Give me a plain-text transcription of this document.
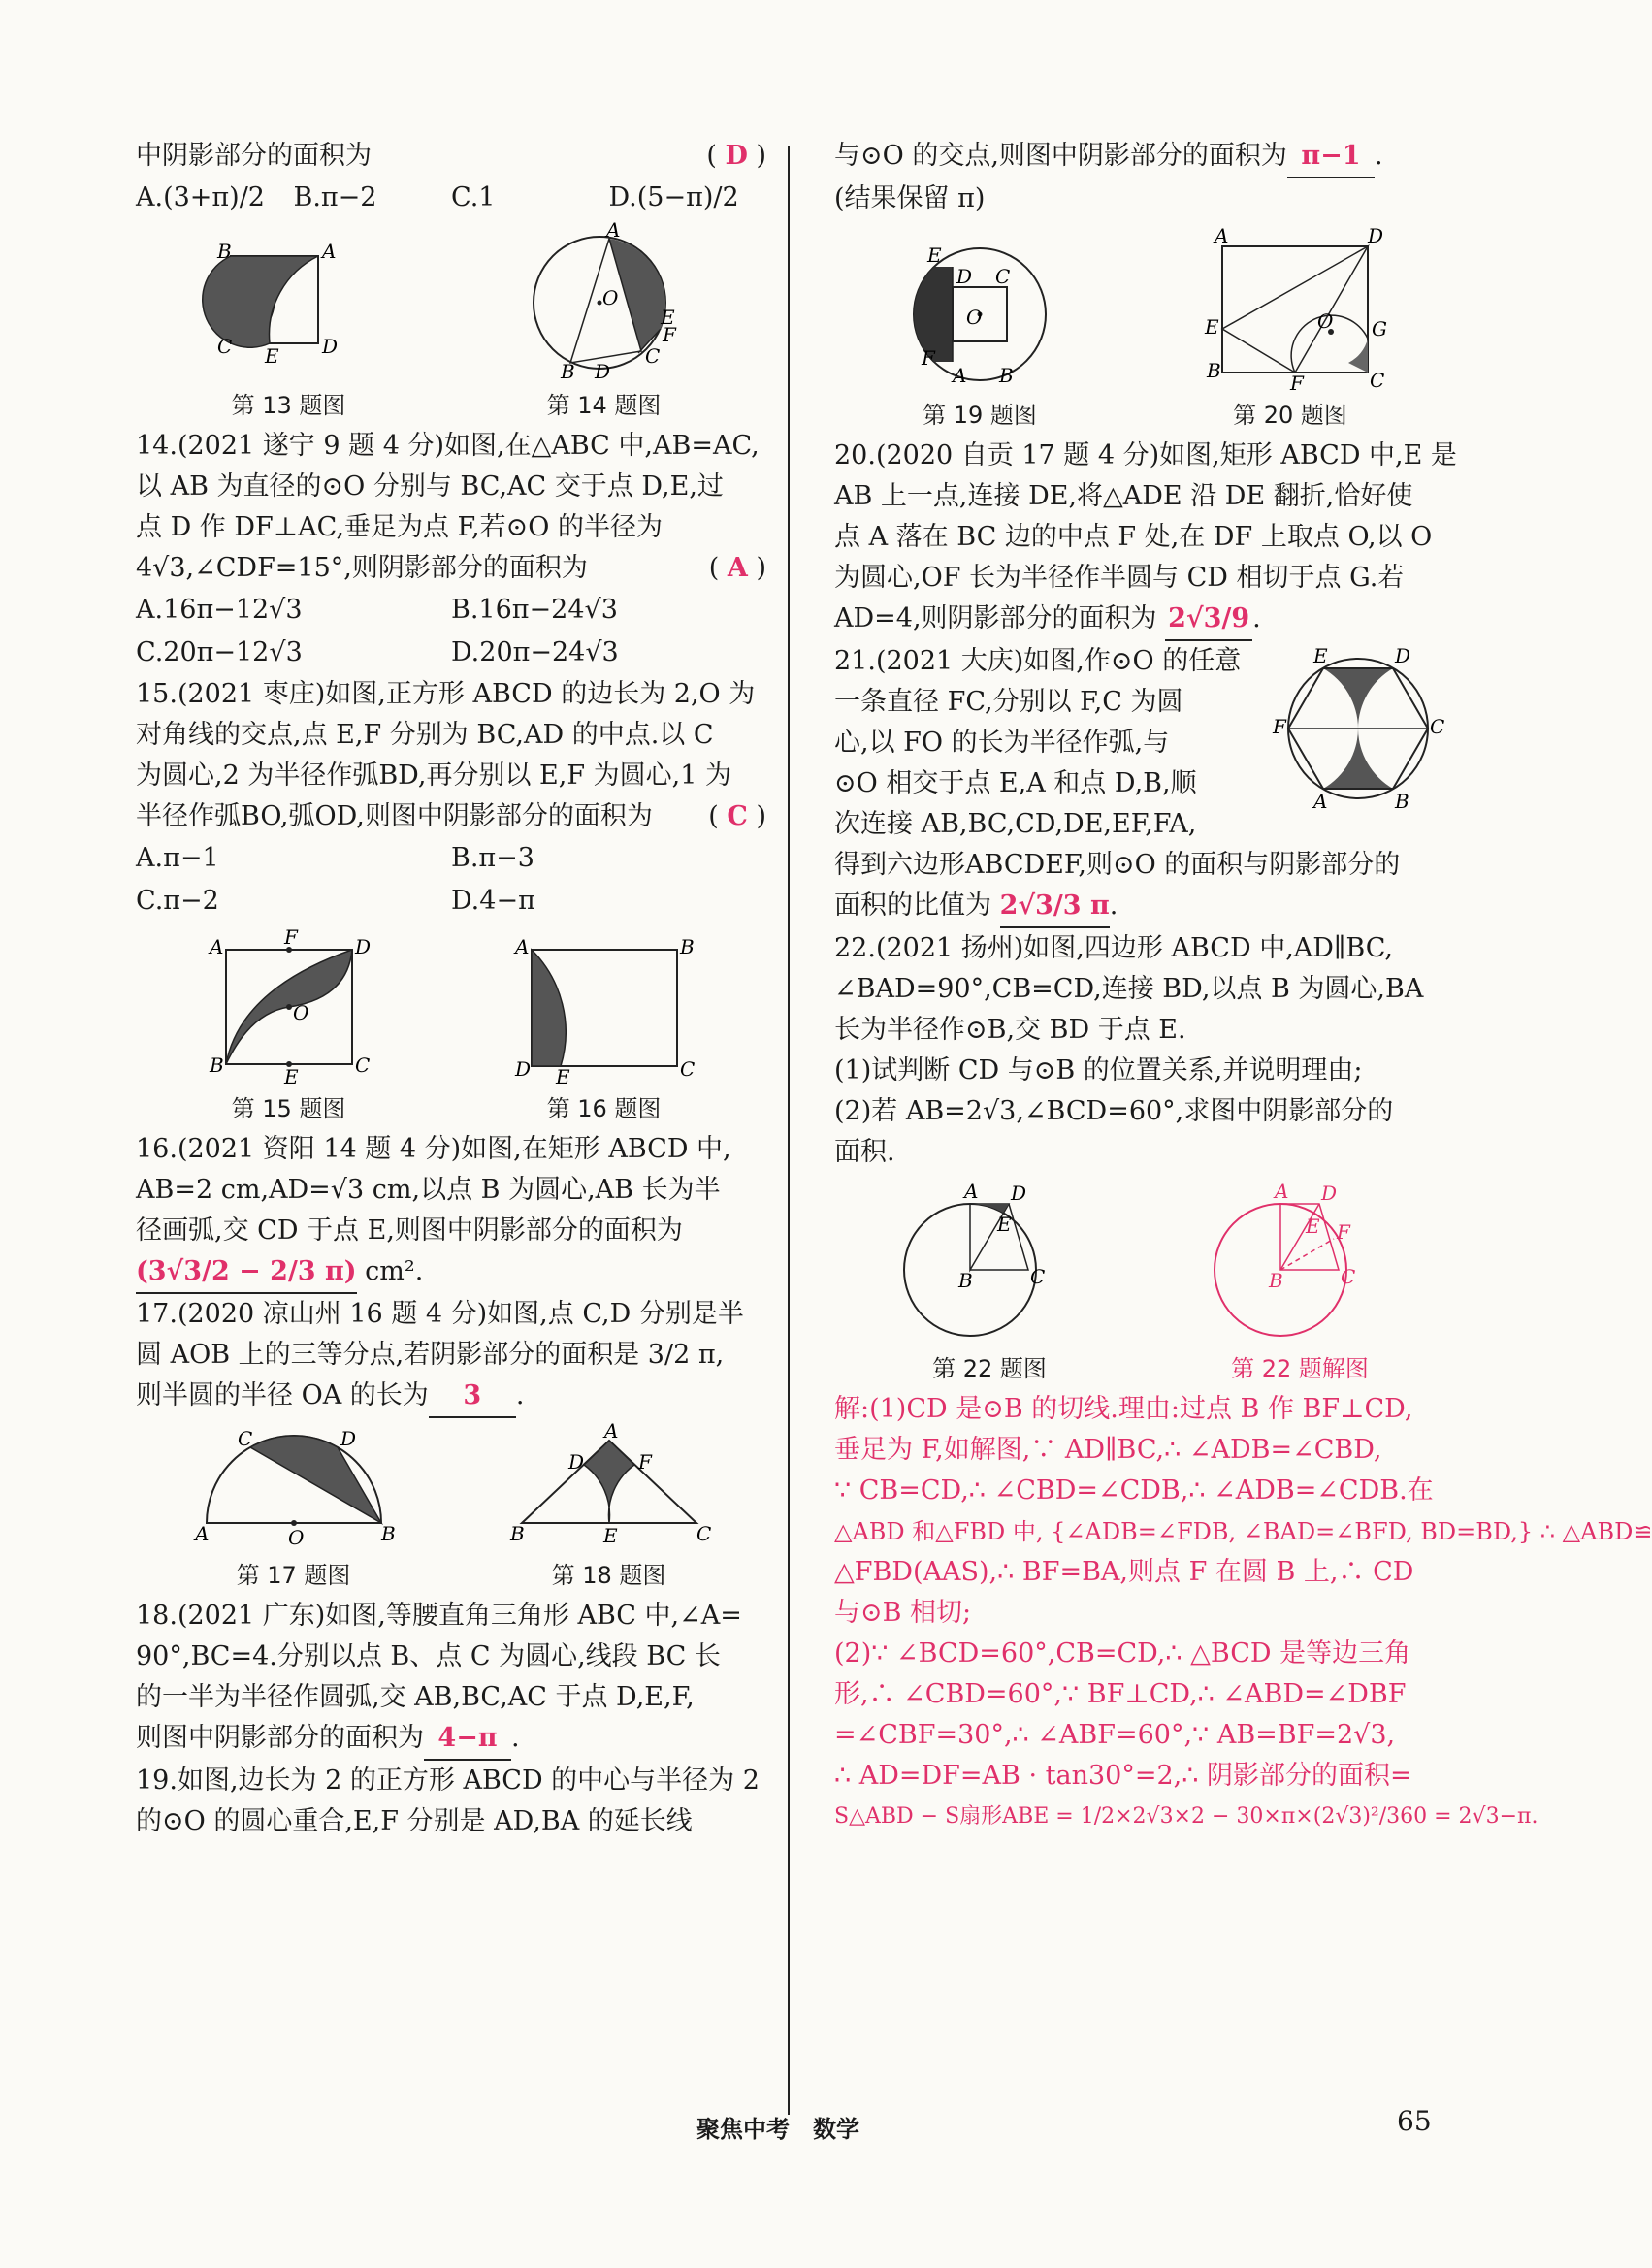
中阴影部分的面积为	( D )

A.(3+π)/2	B.π−2	C.1	D.(5−π)/2
B	A
C	D
E
第 13 题图
A
O
B D
E
F
C
第 14 题图

14.(2021 遂宁 9 题 4 分)如图,在△ABC 中,AB=AC,

以 AB 为直径的⊙O 分别与 BC,AC 交于点 D,E,过

点 D 作 DF⊥AC,垂足为点 F,若⊙O 的半径为

4√3,∠CDF=15°,则阴影部分的面积为	( A )

A.16π−12√3	B.16π−24√3
C.20π−12√3	D.20π−24√3

15.(2021 枣庄)如图,正方形 ABCD 的边长为 2,O 为

对角线的交点,点 E,F 分别为 BC,AD 的中点.以 C

为圆心,2 为半径作弧BD,再分别以 E,F 为圆心,1 为

半径作弧BO,弧OD,则图中阴影部分的面积为 ( C )

A.π−1	B.π−3
C.π−2	D.4−π
A	D
F
O
B	C
E
第 15 题图
A	B
D E	C
第 16 题图

16.(2021 资阳 14 题 4 分)如图,在矩形 ABCD 中,

AB=2 cm,AD=√3 cm,以点 B 为圆心,AB 长为半

径画弧,交 CD 于点 E,则图中阴影部分的面积为

(3√3/2 − 2/3 π) cm².

17.(2020 凉山州 16 题 4 分)如图,点 C,D 分别是半

圆 AOB 上的三等分点,若阴影部分的面积是 3/2 π,

则半圆的半径 OA 的长为 3 .

C	D
A	O	B
第 17 题图
A
D	F
B	E	C
第 18 题图

18.(2021 广东)如图,等腰直角三角形 ABC 中,∠A=

90°,BC=4.分别以点 B、点 C 为圆心,线段 BC 长

的一半为半径作圆弧,交 AB,BC,AC 于点 D,E,F,

则图中阴影部分的面积为 4−π .

19.如图,边长为 2 的正方形 ABCD 的中心与半径为 2

的⊙O 的圆心重合,E,F 分别是 AD,BA 的延长线

与⊙O 的交点,则图中阴影部分的面积为 π−1 .

(结果保留 π)

E
D C
O
F
A B
第 19 题图
A	D
E	O G
B
F	C
第 20 题图

20.(2020 自贡 17 题 4 分)如图,矩形 ABCD 中,E 是

AB 上一点,连接 DE,将△ADE 沿 DE 翻折,恰好使

点 A 落在 BC 边的中点 F 处,在 DF 上取点 O,以 O

为圆心,OF 长为半径作半圆与 CD 相切于点 G.若

AD=4,则阴影部分的面积为 2√3/9 .

E	D
F	C
A	B

21.(2021 大庆)如图,作⊙O 的任意

一条直径 FC,分别以 F,C 为圆

心,以 FO 的长为半径作弧,与

⊙O 相交于点 E,A 和点 D,B,顺

次连接 AB,BC,CD,DE,EF,FA,

得到六边形ABCDEF,则⊙O 的面积与阴影部分的

面积的比值为 2√3/3 π.

22.(2021 扬州)如图,四边形 ABCD 中,AD∥BC,

∠BAD=90°,CB=CD,连接 BD,以点 B 为圆心,BA

长为半径作⊙B,交 BD 于点 E.

(1)试判断 CD 与⊙B 的位置关系,并说明理由;

(2)若 AB=2√3,∠BCD=60°,求图中阴影部分的

面积.

A D
E
B	C
第 22 题图
A D
E F
B	C
第 22 题解图

解:(1)CD 是⊙B 的切线.理由:过点 B 作 BF⊥CD,

垂足为 F,如解图,∵ AD∥BC,∴ ∠ADB=∠CBD,

∵ CB=CD,∴ ∠CBD=∠CDB,∴ ∠ADB=∠CDB.在

△ABD 和△FBD 中, {∠ADB=∠FDB, ∠BAD=∠BFD, BD=BD,} ∴ △ABD≌

△FBD(AAS),∴ BF=BA,则点 F 在圆 B 上,∴ CD

与⊙B 相切;

(2)∵ ∠BCD=60°,CB=CD,∴ △BCD 是等边三角

形,∴ ∠CBD=60°,∵ BF⊥CD,∴ ∠ABD=∠DBF

=∠CBF=30°,∴ ∠ABF=60°,∵ AB=BF=2√3,

∴ AD=DF=AB · tan30°=2,∴ 阴影部分的面积=

S△ABD − S扇形ABE = 1/2×2√3×2 − 30×π×(2√3)²/360 = 2√3−π.

聚焦中考　数学	65
